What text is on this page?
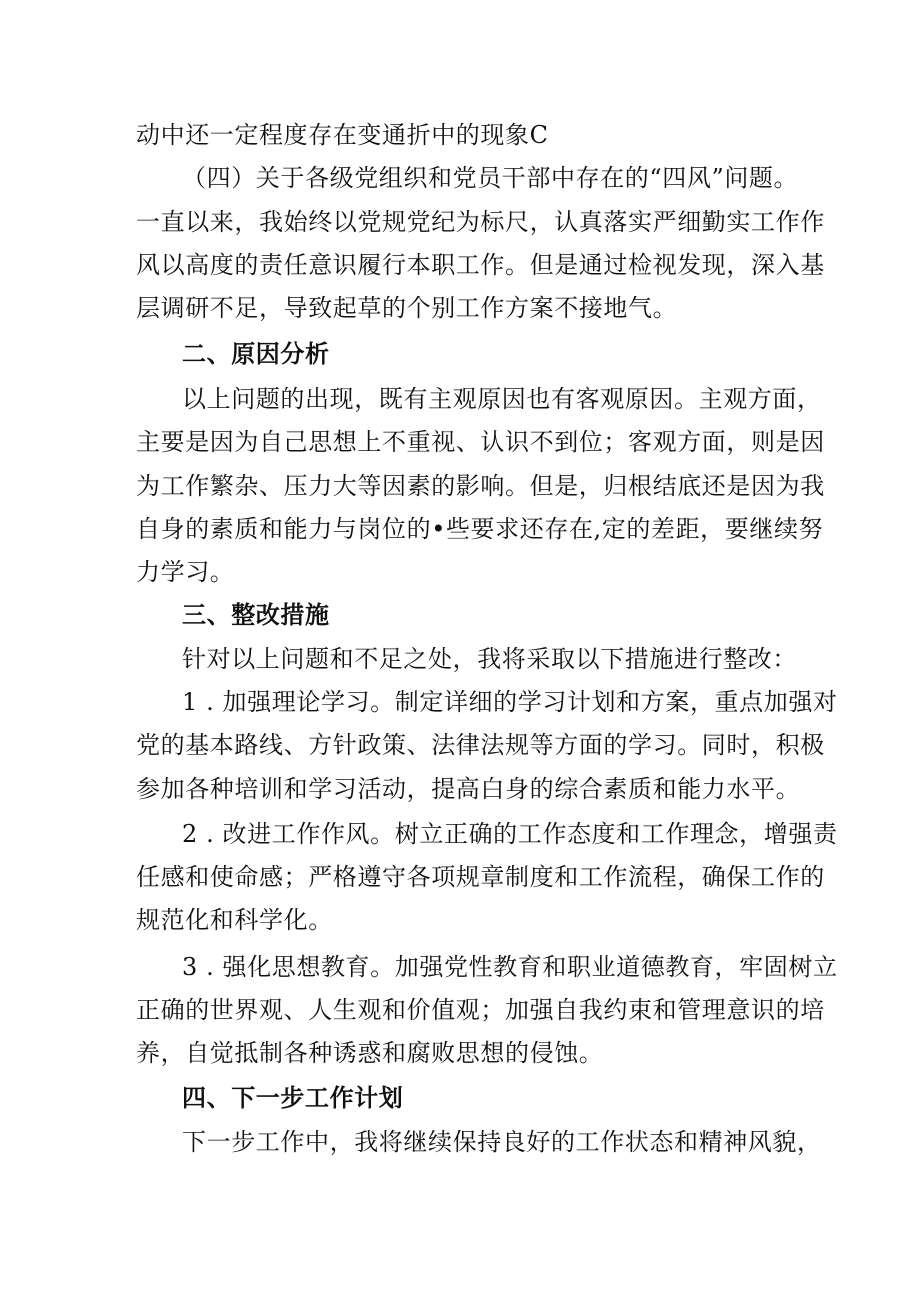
动中还一定程度存在变通折中的现象C
（四）关于各级党组织和党员干部中存在的“四风”问题。
一直以来，我始终以党规党纪为标尺，认真落实严细勤实工作作
风以高度的责任意识履行本职工作。但是通过检视发现，深入基
层调研不足，导致起草的个别工作方案不接地气。
二、原因分析
以上问题的出现，既有主观原因也有客观原因。主观方面，
主要是因为自己思想上不重视、认识不到位；客观方面，则是因
为工作繁杂、压力大等因素的影响。但是，归根结底还是因为我
自身的素质和能力与岗位的•些要求还存在,定的差距，要继续努
力学习。
三、整改措施
针对以上问题和不足之处，我将采取以下措施进行整改：
1 . 加强理论学习。制定详细的学习计划和方案，重点加强对
党的基本路线、方针政策、法律法规等方面的学习。同时，积极
参加各种培训和学习活动，提高白身的综合素质和能力水平。
2 . 改进工作作风。树立正确的工作态度和工作理念，增强责
任感和使命感；严格遵守各项规章制度和工作流程，确保工作的
规范化和科学化。
3 . 强化思想教育。加强党性教育和职业道德教育，牢固树立
正确的世界观、人生观和价值观；加强自我约束和管理意识的培
养，自觉抵制各种诱惑和腐败思想的侵蚀。
四、下一步工作计划
下一步工作中，我将继续保持良好的工作状态和精神风貌，
